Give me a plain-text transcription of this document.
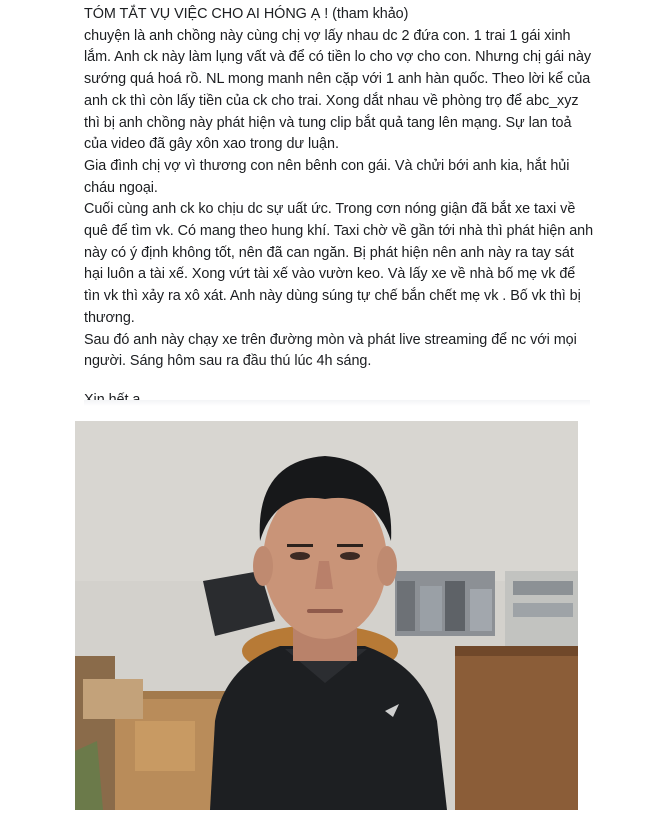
TÓM TẮT VỤ VIỆC CHO AI HÓNG Ạ ! (tham khảo)

chuyện là anh chồng này cùng chị vợ lấy nhau dc 2 đứa con. 1 trai 1 gái xinh lắm. Anh ck này làm lụng vất và để có tiền lo cho vợ cho con. Nhưng chị gái này sướng quá hoá rồ. NL mong manh nên cặp với 1 anh hàn quốc. Theo lời kể của anh ck thì còn lấy tiền của ck cho trai. Xong dắt nhau về phòng trọ để abc_xyz thì bị anh chồng này phát hiện và tung clip bắt quả tang lên mạng. Sự lan toả của video đã gây xôn xao trong dư luận.

Gia đình chị vợ vì thương con nên bênh con gái. Và chửi bới anh kia, hắt hủi cháu ngoại.

Cuối cùng anh ck ko chịu dc sự uất ức. Trong cơn nóng giận đã bắt xe taxi về quê để tìm vk. Có mang theo hung khí. Taxi chờ về gần tới nhà thì phát hiện anh này có ý định không tốt, nên đã can ngăn. Bị phát hiện nên anh này ra tay sát hại luôn a tài xế. Xong vứt tài xế vào vườn keo. Và lấy xe về nhà bố mẹ vk để tìn vk thì xảy ra xô xát. Anh này dùng súng tự chế bắn chết mẹ vk . Bố vk thì bị thương.

Sau đó anh này chạy xe trên đường mòn và phát live streaming để nc với mọi người. Sáng hôm sau ra đầu thú lúc 4h sáng.
